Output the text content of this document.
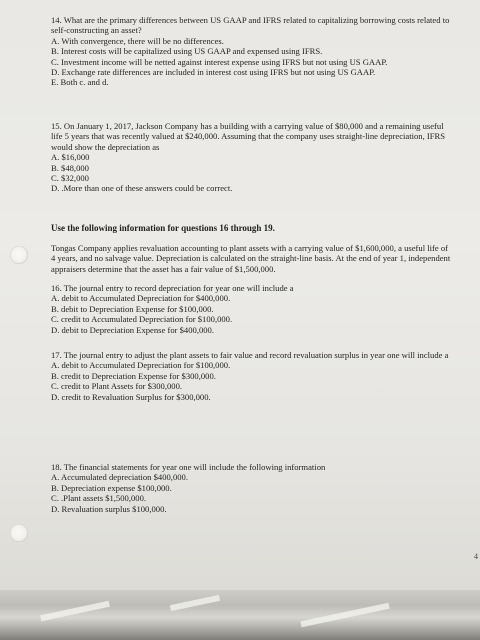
14. What are the primary differences between US GAAP and IFRS related to capitalizing borrowing costs related to self-constructing an asset?

A. With convergence, there will be no differences.

B. Interest costs will be capitalized using US GAAP and expensed using IFRS.

C. Investment income will be netted against interest expense using IFRS but not using US GAAP.

D. Exchange rate differences are included in interest cost using IFRS but not using US GAAP.

E. Both c. and d.

15. On January 1, 2017, Jackson Company has a building with a carrying value of $80,000 and a remaining useful life 5 years that was recently valued at $240,000. Assuming that the company uses straight-line depreciation, IFRS would show the depreciation as

A. $16,000

B. $48,000

C. $32,000

D. .More than one of these answers could be correct.

Use the following information for questions 16 through 19.
Tongas Company applies revaluation accounting to plant assets with a carrying value of $1,600,000, a useful life of 4 years, and no salvage value. Depreciation is calculated on the straight-line basis. At the end of year 1, independent appraisers determine that the asset has a fair value of $1,500,000.

16. The journal entry to record depreciation for year one will include a

A. debit to Accumulated Depreciation for $400,000.

B. debit to Depreciation Expense for $100,000.

C. credit to Accumulated Depreciation for $100,000.

D. debit to Depreciation Expense for $400,000.

17. The journal entry to adjust the plant assets to fair value and record revaluation surplus in year one will include a

A. debit to Accumulated Depreciation for $100,000.

B. credit to Depreciation Expense for $300,000.

C. credit to Plant Assets for $300,000.

D. credit to Revaluation Surplus for $300,000.

18. The financial statements for year one will include the following information

A. Accumulated depreciation $400,000.

B. Depreciation expense $100,000.

C. .Plant assets $1,500,000.

D. Revaluation surplus $100,000.

4
